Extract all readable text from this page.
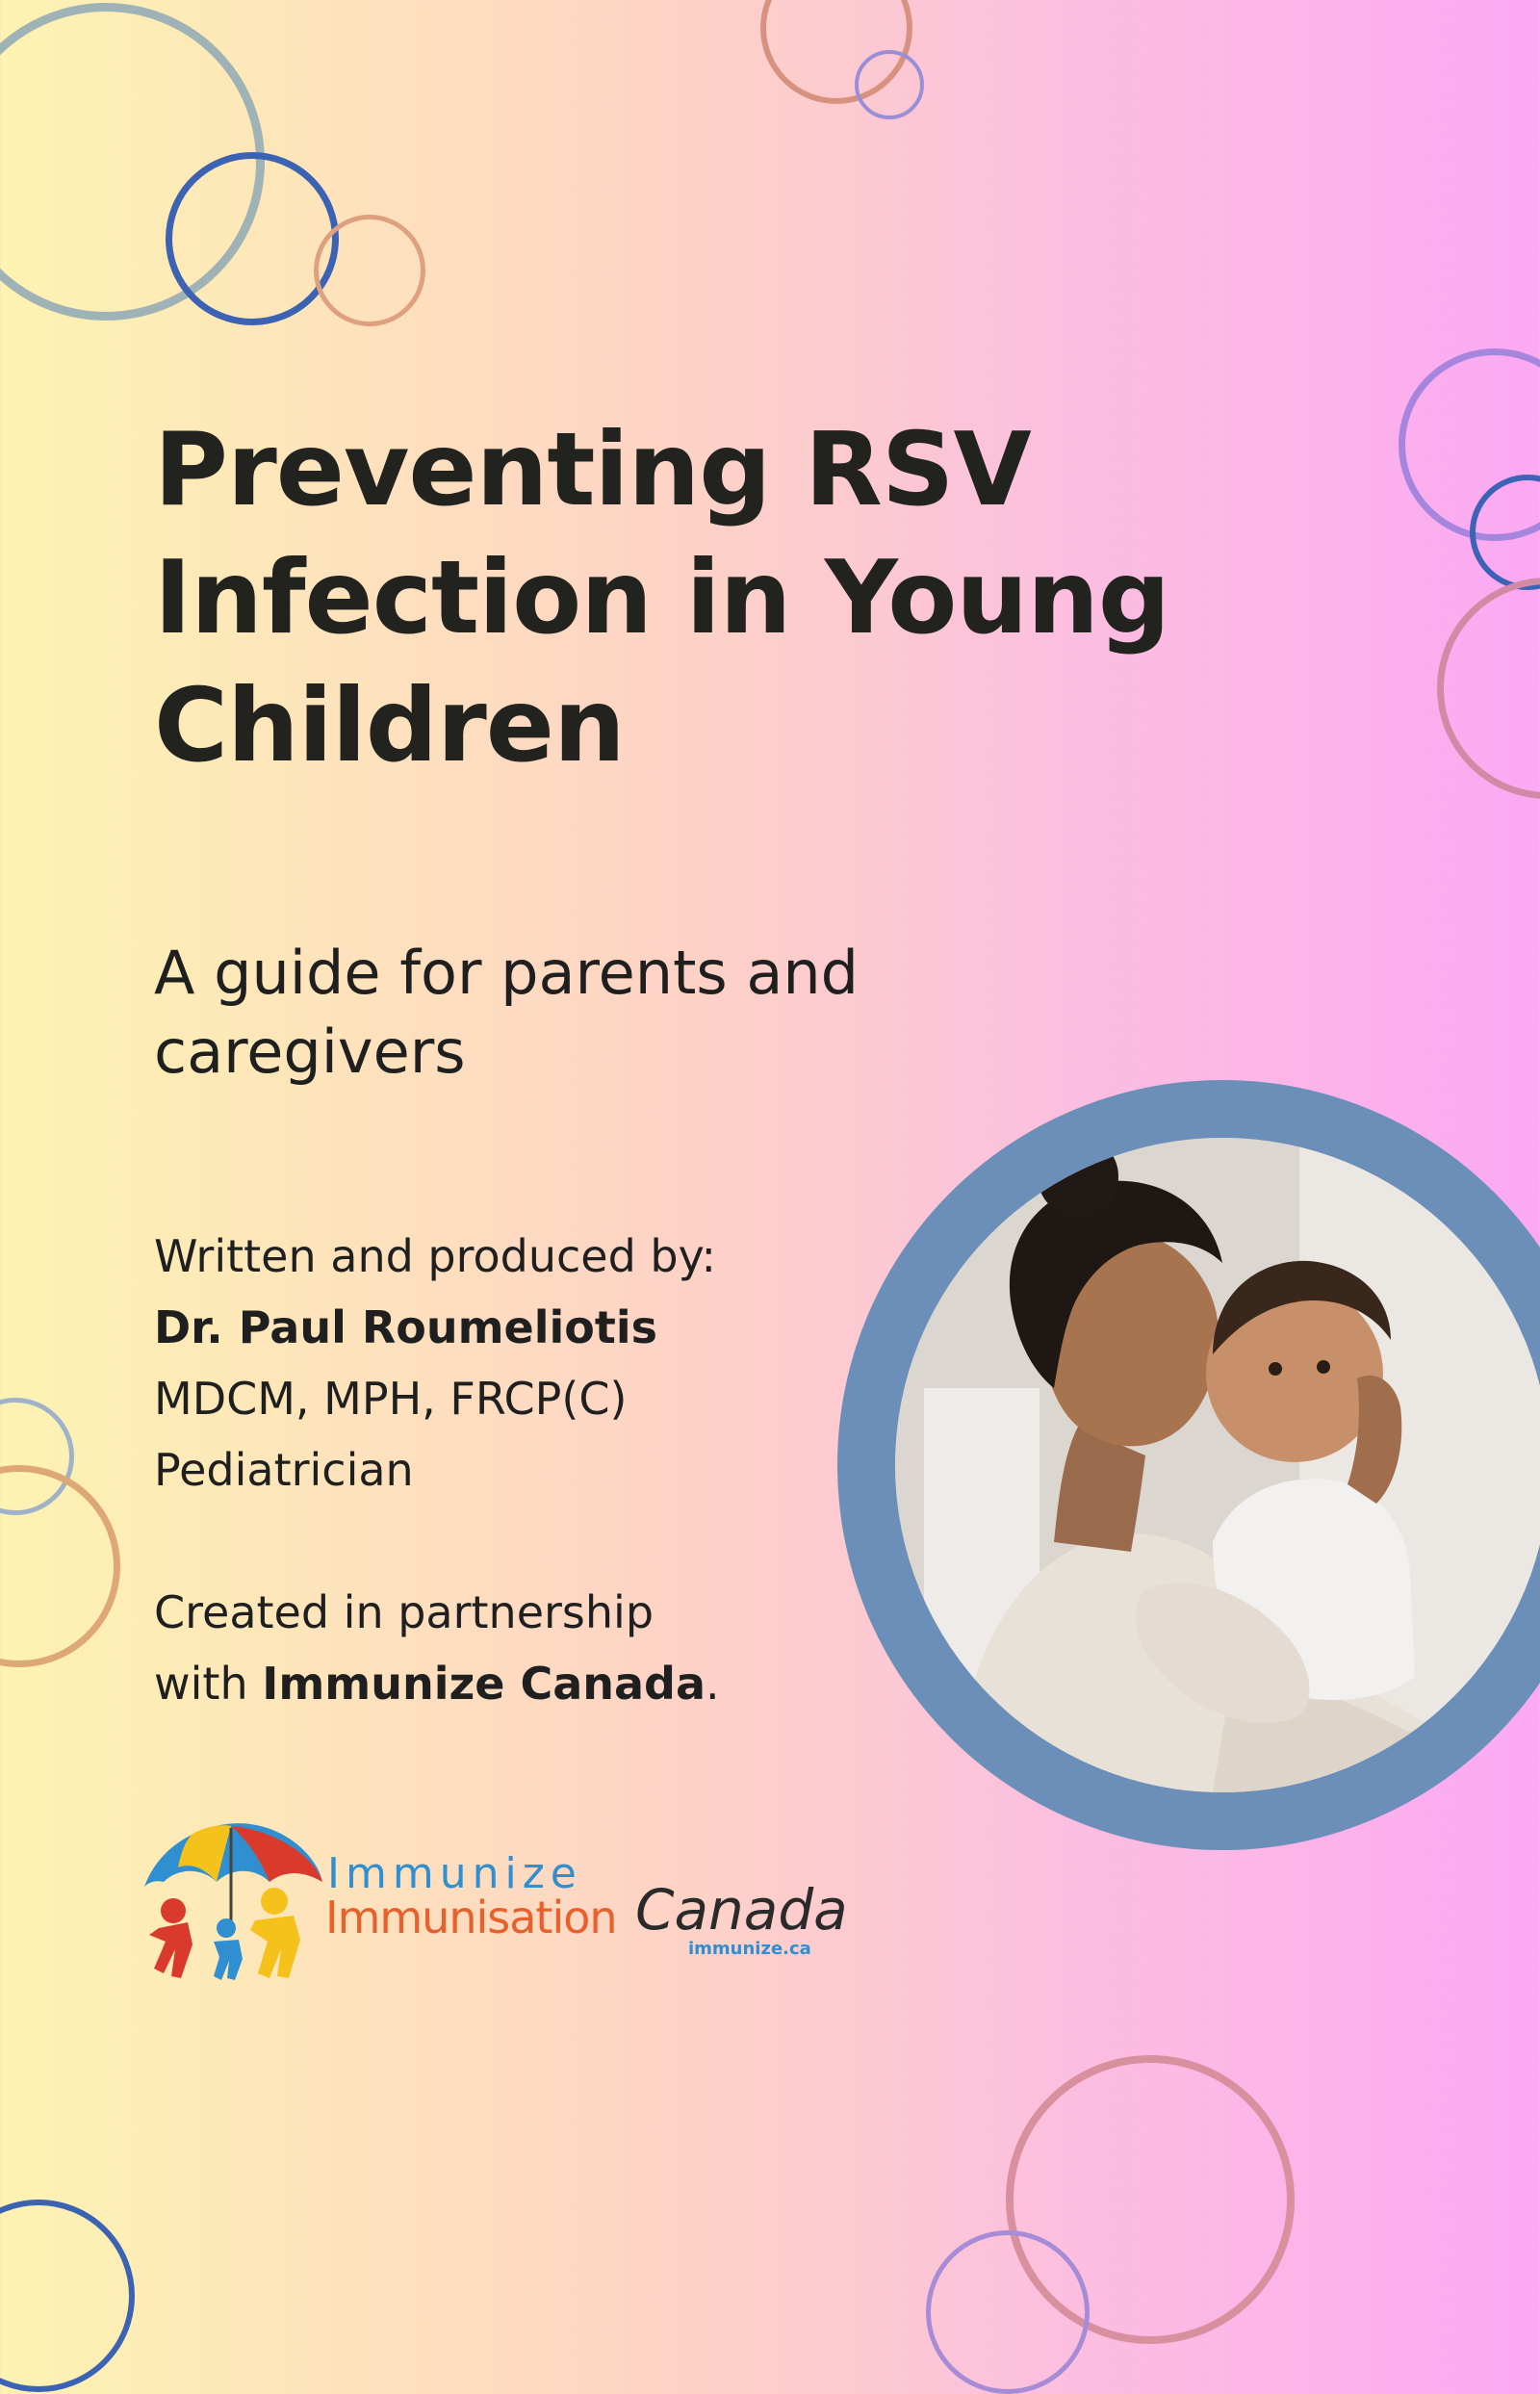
Preventing RSV
Infection in Young
Children
A guide for parents and
caregivers
Written and produced by:
Dr. Paul Roumeliotis
MDCM, MPH, FRCP(C)
Pediatrician
Created in partnership
with Immunize Canada.
Immunize
Immunisation Canada
immunize.ca
